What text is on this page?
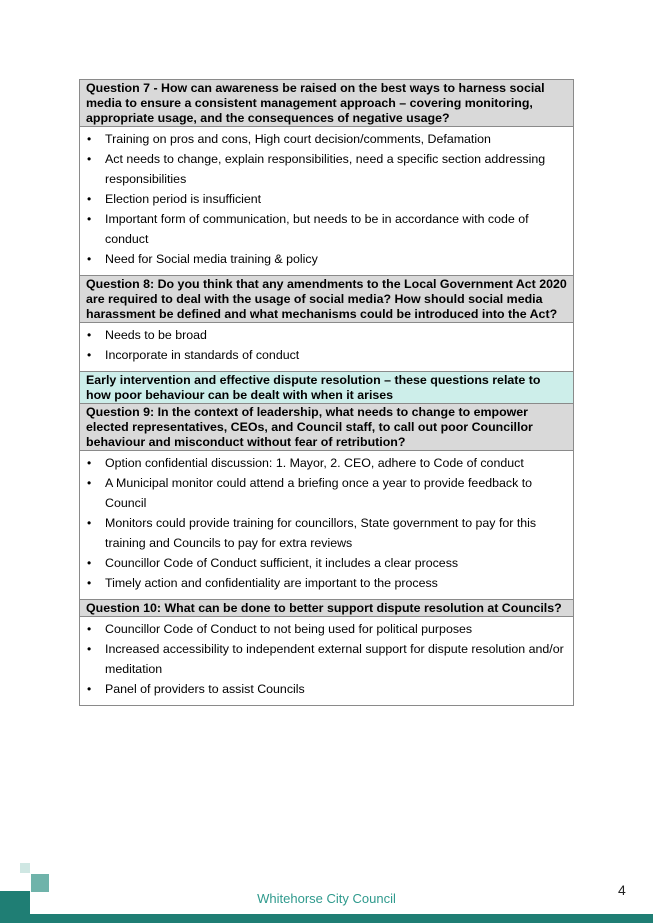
Question 7 - How can awareness be raised on the best ways to harness social media to ensure a consistent management approach – covering monitoring, appropriate usage, and the consequences of negative usage?
• Training on pros and cons, High court decision/comments, Defamation
• Act needs to change, explain responsibilities, need a specific section addressing responsibilities
• Election period is insufficient
• Important form of communication, but needs to be in accordance with code of conduct
• Need for Social media training & policy
Question 8: Do you think that any amendments to the Local Government Act 2020 are required to deal with the usage of social media? How should social media harassment be defined and what mechanisms could be introduced into the Act?
• Needs to be broad
• Incorporate in standards of conduct
Early intervention and effective dispute resolution – these questions relate to how poor behaviour can be dealt with when it arises
Question 9: In the context of leadership, what needs to change to empower elected representatives, CEOs, and Council staff, to call out poor Councillor behaviour and misconduct without fear of retribution?
• Option confidential discussion: 1. Mayor, 2. CEO, adhere to Code of conduct
• A Municipal monitor could attend a briefing once a year to provide feedback to Council
• Monitors could provide training for councillors, State government to pay for this training and Councils to pay for extra reviews
• Councillor Code of Conduct sufficient, it includes a clear process
• Timely action and confidentiality are important to the process
Question 10: What can be done to better support dispute resolution at Councils?
• Councillor Code of Conduct to not being used for political purposes
• Increased accessibility to independent external support for dispute resolution and/or meditation
• Panel of providers to assist Councils
Whitehorse City Council
4
